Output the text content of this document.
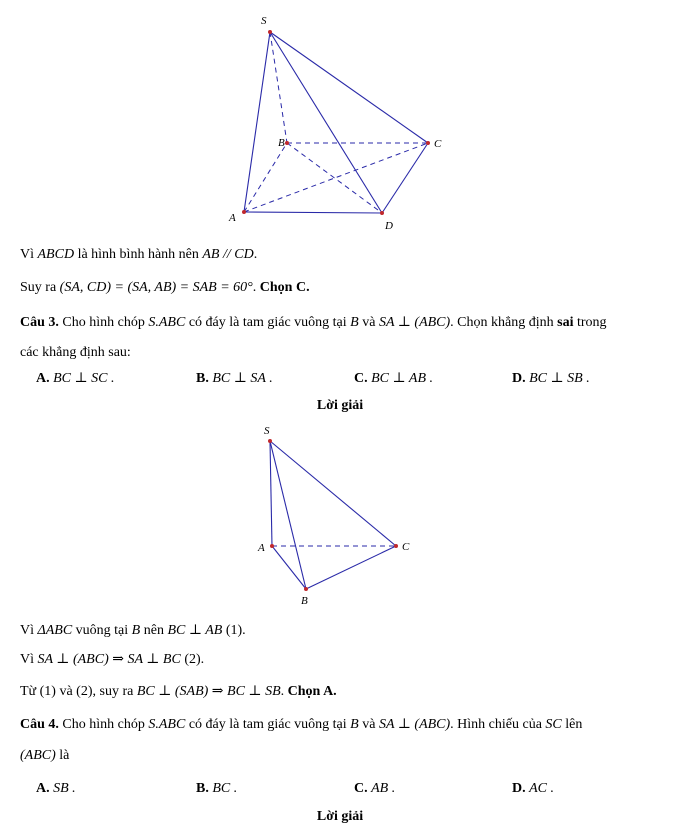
S
B	C
A
D
Vì ABCD là hình bình hành nên AB // CD.
Suy ra (SA, CD) = (SA, AB) = SAB = 60°. Chọn C.
Câu 3. Cho hình chóp S.ABC có đáy là tam giác vuông tại B và SA ⊥ (ABC). Chọn khẳng định sai trong
các khẳng định sau:
A. BC ⊥ SC .	B. BC ⊥ SA .	C. BC ⊥ AB .	D. BC ⊥ SB .
Lời giải
S
A	C
B
Vì ΔABC vuông tại B nên BC ⊥ AB (1).
Vì SA ⊥ (ABC) ⇒ SA ⊥ BC (2).
Từ (1) và (2), suy ra BC ⊥ (SAB) ⇒ BC ⊥ SB. Chọn A.
Câu 4. Cho hình chóp S.ABC có đáy là tam giác vuông tại B và SA ⊥ (ABC). Hình chiếu của SC lên
(ABC) là
A. SB .	B. BC .	C. AB .	D. AC .
Lời giải
